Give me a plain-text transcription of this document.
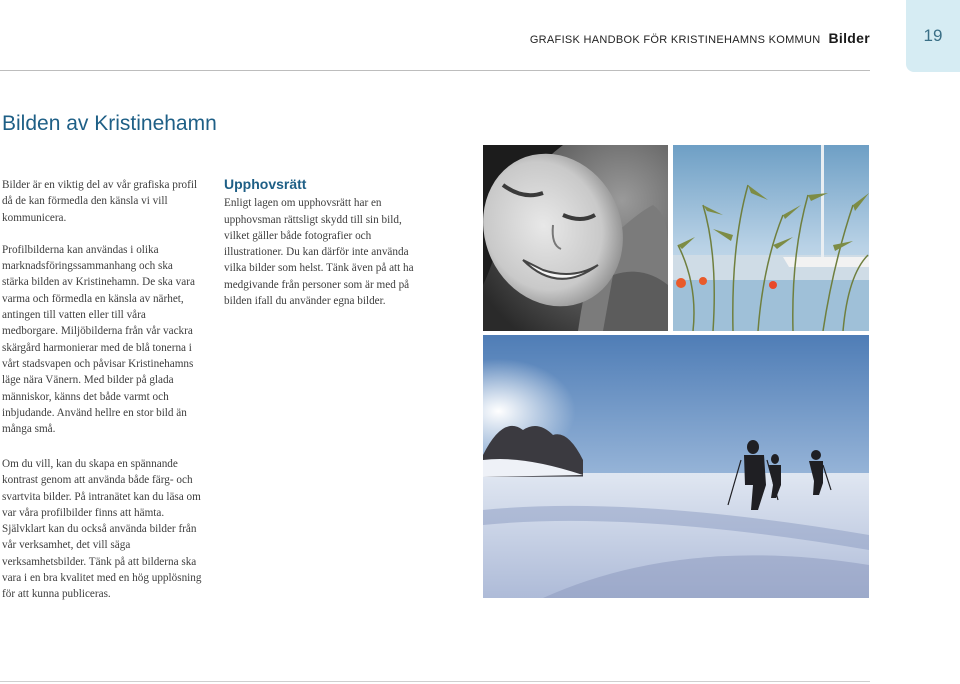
GRAFISK HANDBOK FÖR KRISTINEHAMNS KOMMUN Bilder	19
Bilden av Kristinehamn

Bilder är en viktig del av vår grafiska profil då de kan förmedla den känsla vi vill kommunicera.

Profilbilderna kan användas i olika marknadsföringssammanhang och ska stärka bilden av Kristinehamn. De ska vara varma och förmedla en känsla av närhet, antingen till vatten eller till våra medborgare. Miljöbilderna från vår vackra skärgård harmonierar med de blå tonerna i vårt stadsvapen och påvisar Kristinehamns läge nära Vänern. Med bilder på glada människor, känns det både varmt och inbjudande. Använd hellre en stor bild än många små.

Om du vill, kan du skapa en spännande kontrast genom att använda både färg- och svartvita bilder. På intranätet kan du läsa om var våra profilbilder finns att hämta. Självklart kan du också använda bilder från vår verksamhet, det vill säga verksamhetsbilder. Tänk på att bilderna ska vara i en bra kvalitet med en hög upplösning för att kunna publiceras.
Upphovsrätt

Enligt lagen om upphovsrätt har en upphovsman rättsligt skydd till sin bild, vilket gäller både fotografier och illustrationer. Du kan därför inte använda vilka bilder som helst. Tänk även på att ha medgivande från personer som är med på bilden ifall du använder egna bilder.
